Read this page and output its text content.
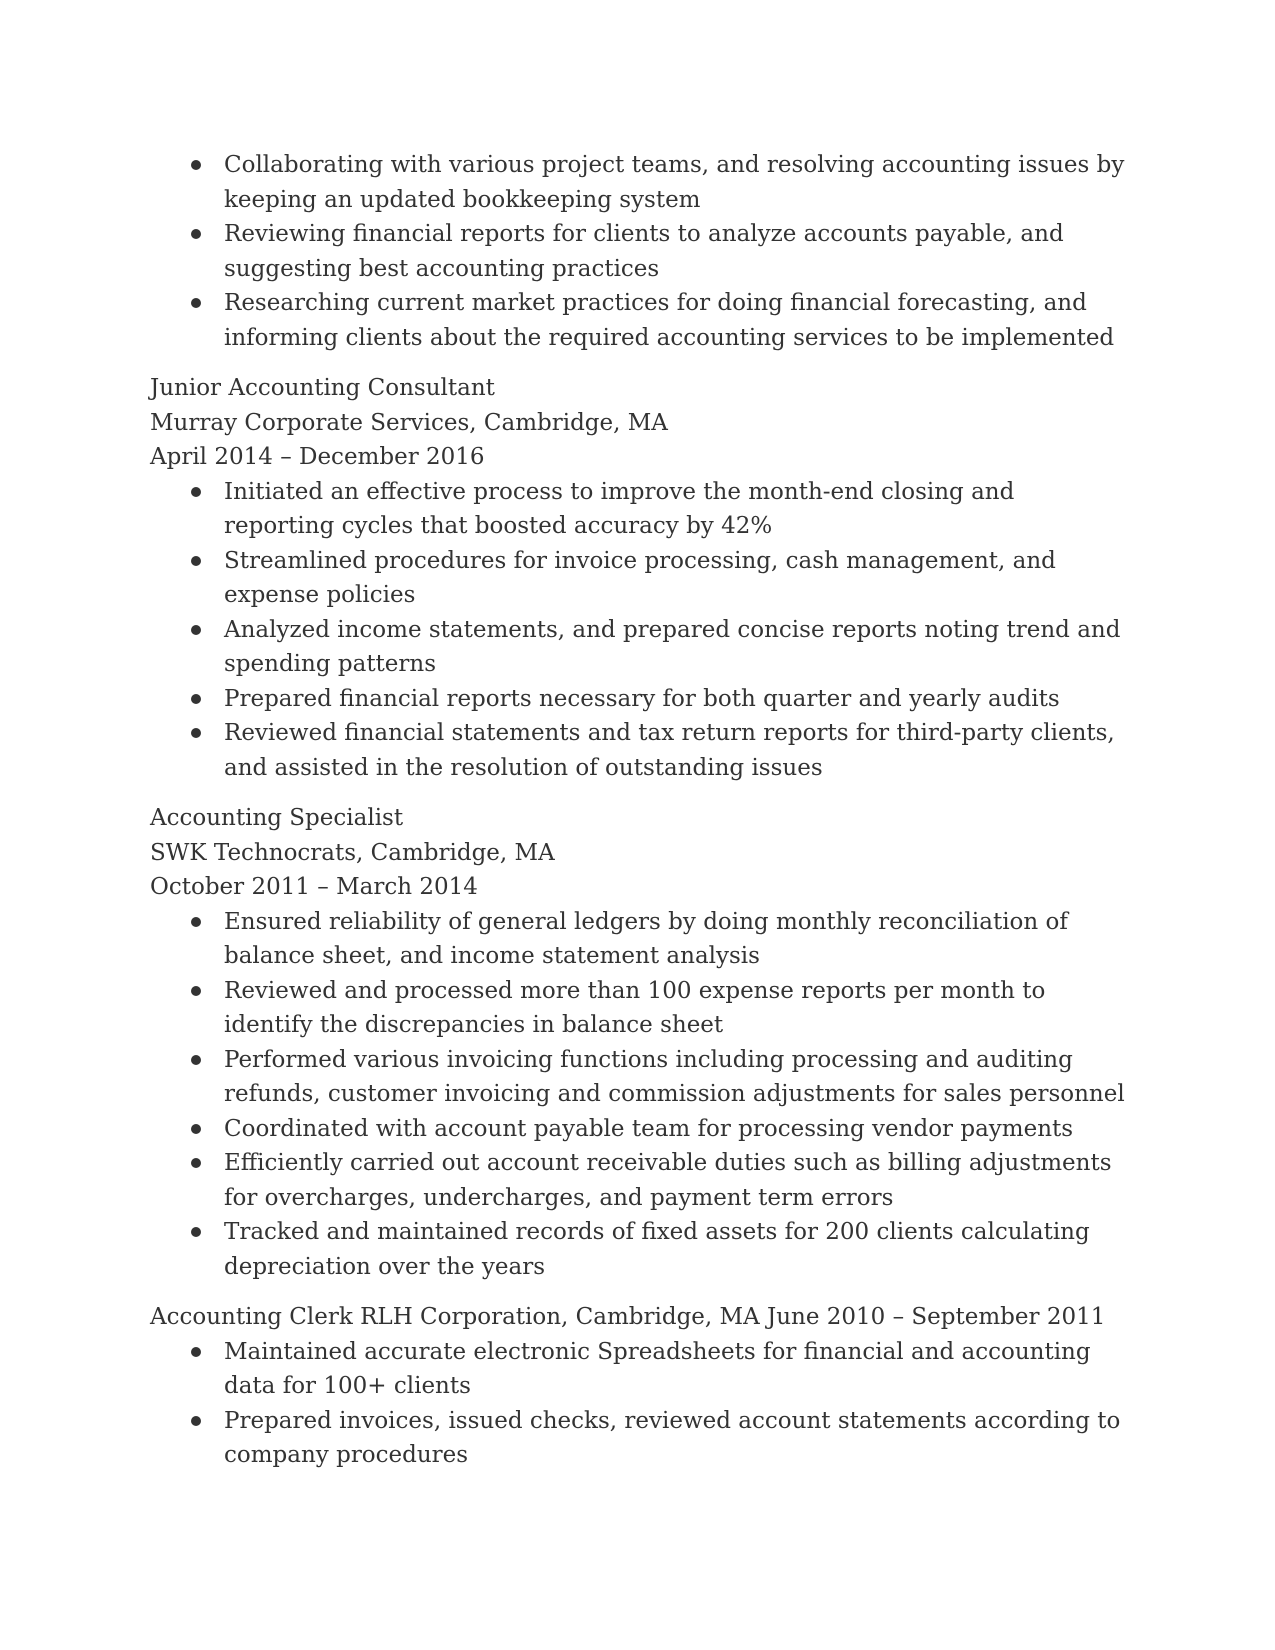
Collaborating with various project teams, and resolving accounting issues by keeping an updated bookkeeping system
Reviewing financial reports for clients to analyze accounts payable, and suggesting best accounting practices
Researching current market practices for doing financial forecasting, and informing clients about the required accounting services to be implemented
Junior Accounting Consultant
Murray Corporate Services, Cambridge, MA
April 2014 – December 2016
Initiated an effective process to improve the month-end closing and reporting cycles that boosted accuracy by 42%
Streamlined procedures for invoice processing, cash management, and expense policies
Analyzed income statements, and prepared concise reports noting trend and spending patterns
Prepared financial reports necessary for both quarter and yearly audits
Reviewed financial statements and tax return reports for third-party clients, and assisted in the resolution of outstanding issues
Accounting Specialist
SWK Technocrats, Cambridge, MA
October 2011 – March 2014
Ensured reliability of general ledgers by doing monthly reconciliation of balance sheet, and income statement analysis
Reviewed and processed more than 100 expense reports per month to identify the discrepancies in balance sheet
Performed various invoicing functions including processing and auditing refunds, customer invoicing and commission adjustments for sales personnel
Coordinated with account payable team for processing vendor payments
Efficiently carried out account receivable duties such as billing adjustments for overcharges, undercharges, and payment term errors
Tracked and maintained records of fixed assets for 200 clients calculating depreciation over the years
Accounting Clerk RLH Corporation, Cambridge, MA June 2010 – September 2011
Maintained accurate electronic Spreadsheets for financial and accounting data for 100+ clients
Prepared invoices, issued checks, reviewed account statements according to company procedures
